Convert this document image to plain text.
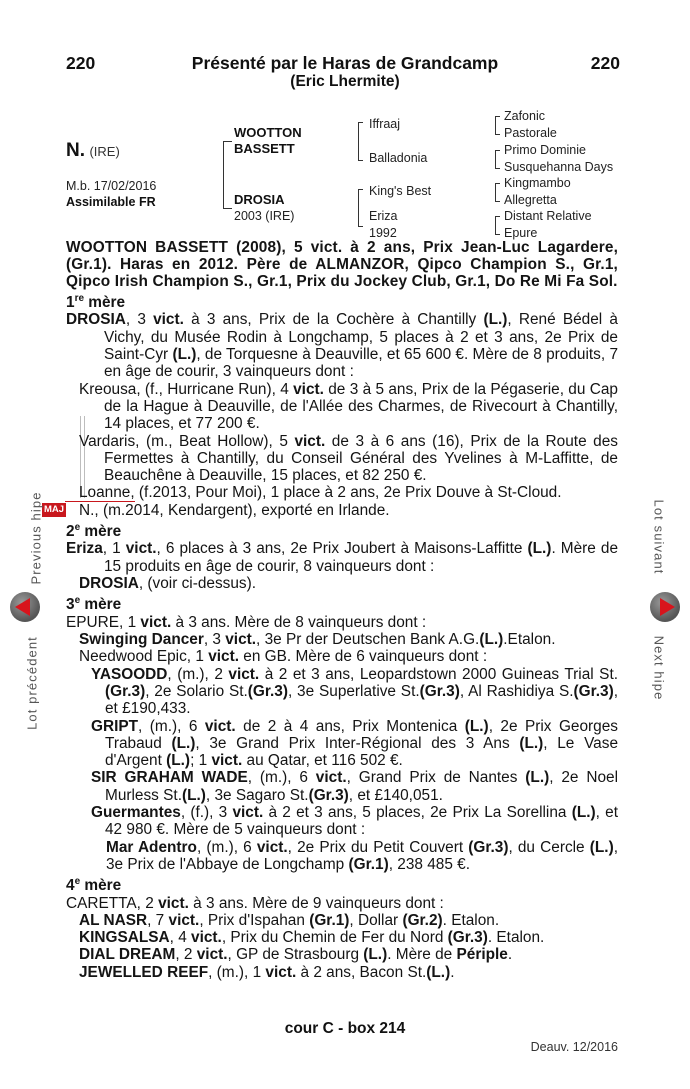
220	Présenté par le Haras de Grandcamp	220
(Eric Lhermite)
N. (IRE)
M.b. 17/02/2016
Assimilable FR
WOOTTON
BASSETT
DROSIA
2003 (IRE)
Iffraaj
Balladonia
King's Best
Eriza
1992
Zafonic
Pastorale
Primo Dominie
Susquehanna Days
Kingmambo
Allegretta
Distant Relative
Epure
MAJ

WOOTTON BASSETT (2008), 5 vict. à 2 ans, Prix Jean-Luc Lagardere, (Gr.1). Haras en 2012. Père de ALMANZOR, Qipco Champion S., Gr.1, Qipco Irish Champion S., Gr.1, Prix du Jockey Club, Gr.1, Do Re Mi Fa Sol.

1re mère

DROSIA, 3 vict. à 3 ans, Prix de la Cochère à Chantilly (L.), René Bédel à Vichy, du Musée Rodin à Longchamp, 5 places à 2 et 3 ans, 2e Prix de Saint-Cyr (L.), de Torquesne à Deauville, et 65 600 €. Mère de 8 produits, 7 en âge de courir, 3 vainqueurs dont :

Kreousa, (f., Hurricane Run), 4 vict. de 3 à 5 ans, Prix de la Pégaserie, du Cap de la Hague à Deauville, de l'Allée des Charmes, de Rivecourt à Chantilly, 14 places, et 77 200 €.

Vardaris, (m., Beat Hollow), 5 vict. de 3 à 6 ans (16), Prix de la Route des Fermettes à Chantilly, du Conseil Général des Yvelines à M-Laffitte, de Beauchêne à Deauville, 15 places, et 82 250 €.

Loanne, (f.2013, Pour Moi), 1 place à 2 ans, 2e Prix Douve à St-Cloud.

N., (m.2014, Kendargent), exporté en Irlande.

2e mère

Eriza, 1 vict., 6 places à 3 ans, 2e Prix Joubert à Maisons-Laffitte (L.). Mère de 15 produits en âge de courir, 8 vainqueurs dont :

DROSIA, (voir ci-dessus).

3e mère

EPURE, 1 vict. à 3 ans. Mère de 8 vainqueurs dont :

Swinging Dancer, 3 vict., 3e Pr der Deutschen Bank A.G.(L.).Etalon.

Needwood Epic, 1 vict. en GB. Mère de 6 vainqueurs dont :

YASOODD, (m.), 2 vict. à 2 et 3 ans, Leopardstown 2000 Guineas Trial St.(Gr.3), 2e Solario St.(Gr.3), 3e Superlative St.(Gr.3), Al Rashidiya S.(Gr.3), et £190,433.

GRIPT, (m.), 6 vict. de 2 à 4 ans, Prix Montenica (L.), 2e Prix Georges Trabaud (L.), 3e Grand Prix Inter-Régional des 3 Ans (L.), Le Vase d'Argent (L.); 1 vict. au Qatar, et 116 502 €.

SIR GRAHAM WADE, (m.), 6 vict., Grand Prix de Nantes (L.), 2e Noel Murless St.(L.), 3e Sagaro St.(Gr.3), et £140,051.

Guermantes, (f.), 3 vict. à 2 et 3 ans, 5 places, 2e Prix La Sorellina (L.), et 42 980 €. Mère de 5 vainqueurs dont :

Mar Adentro, (m.), 6 vict., 2e Prix du Petit Couvert (Gr.3), du Cercle (L.), 3e Prix de l'Abbaye de Longchamp (Gr.1), 238 485 €.

4e mère

CARETTA, 2 vict. à 3 ans. Mère de 9 vainqueurs dont :

AL NASR, 7 vict., Prix d'Ispahan (Gr.1), Dollar (Gr.2). Etalon.

KINGSALSA, 4 vict., Prix du Chemin de Fer du Nord (Gr.3). Etalon.

DIAL DREAM, 2 vict., GP de Strasbourg (L.). Mère de Périple.

JEWELLED REEF, (m.), 1 vict. à 2 ans, Bacon St.(L.).

cour C - box 214
Deauv. 12/2016
Previous hipe
Lot précédent
Lot suivant
Next hipe
